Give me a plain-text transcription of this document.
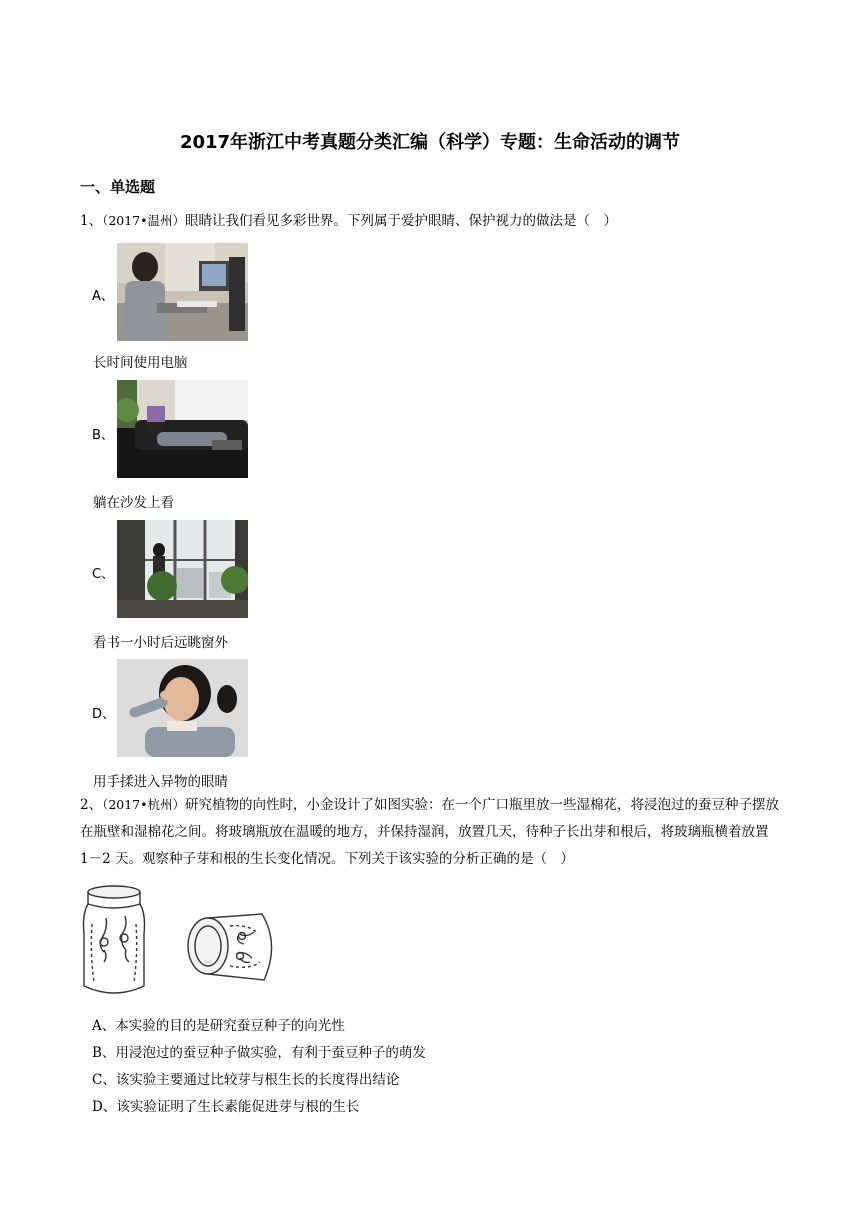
2017年浙江中考真题分类汇编（科学）专题：生命活动的调节
一、单选题
1、（2017•温州）眼睛让我们看见多彩世界。下列属于爱护眼睛、保护视力的做法是（　）
A、
长时间使用电脑
B、
躺在沙发上看
C、
看书一小时后远眺窗外
D、
用手揉进入异物的眼睛
2、（2017•杭州）研究植物的向性时，小金设计了如图实验：在一个广口瓶里放一些湿棉花，将浸泡过的蚕豆种子摆放在瓶壁和湿棉花之间。将玻璃瓶放在温暖的地方，并保持湿润，放置几天，待种子长出芽和根后，将玻璃瓶横着放置 1－2 天。观察种子芽和根的生长变化情况。下列关于该实验的分析正确的是（　）
A、本实验的目的是研究蚕豆种子的向光性
B、用浸泡过的蚕豆种子做实验，有利于蚕豆种子的萌发
C、该实验主要通过比较芽与根生长的长度得出结论
D、该实验证明了生长素能促进芽与根的生长
